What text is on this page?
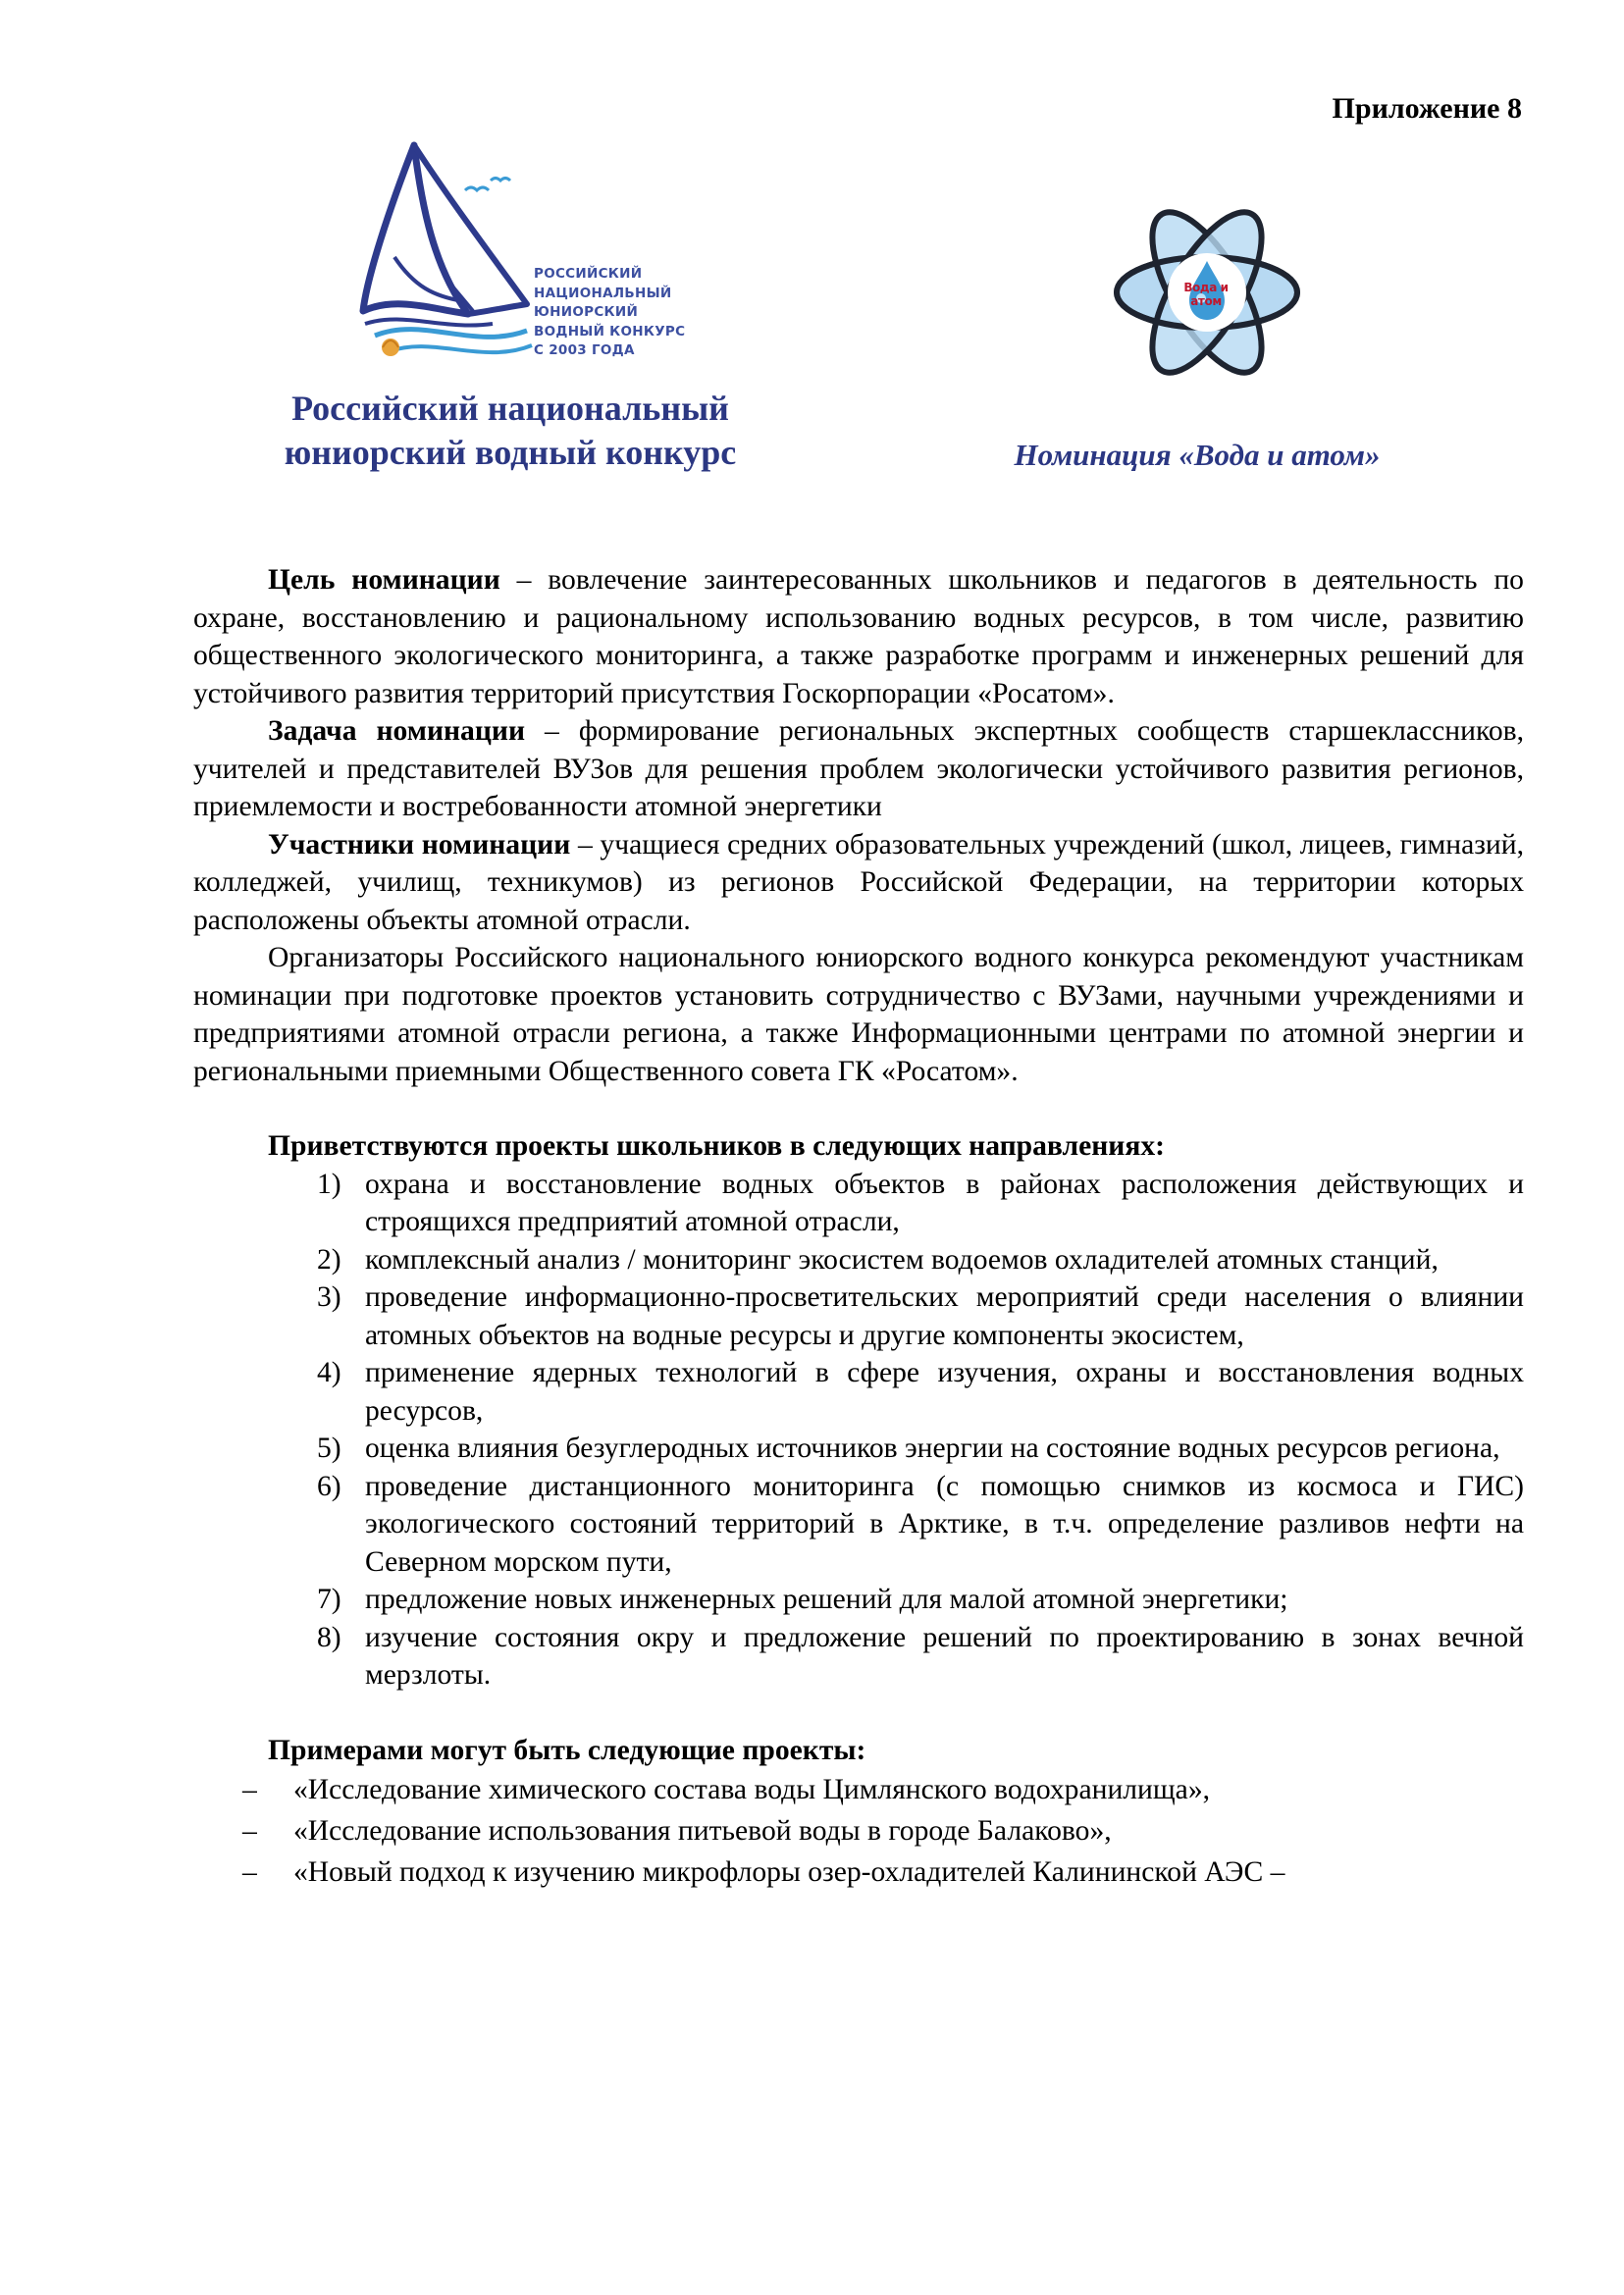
Приложение 8
РОССИЙСКИЙ
НАЦИОНАЛЬНЫЙ
ЮНИОРСКИЙ
ВОДНЫЙ КОНКУРС
С 2003 ГОДА
Вода и атом
Российский национальный
юниорский водный конкурс	Номинация «Вода и атом»

Цель номинации – вовлечение заинтересованных школьников и педагогов в деятельность по охране, восстановлению и рациональному использованию водных ресурсов, в том числе, развитию общественного экологического мониторинга, а также разработке программ и инженерных решений для устойчивого развития территорий присутствия Госкорпорации «Росатом».

Задача номинации – формирование региональных экспертных сообществ старшеклассников, учителей и представителей ВУЗов для решения проблем экологически устойчивого развития регионов, приемлемости и востребованности атомной энергетики

Участники номинации – учащиеся средних образовательных учреждений (школ, лицеев, гимназий, колледжей, училищ, техникумов) из регионов Российской Федерации, на территории которых расположены объекты атомной отрасли.

Организаторы Российского национального юниорского водного конкурса рекомендуют участникам номинации при подготовке проектов установить сотрудничество с ВУЗами, научными учреждениями и предприятиями атомной отрасли региона, а также Информационными центрами по атомной энергии и региональными приемными Общественного совета ГК «Росатом».

Приветствуются проекты школьников в следующих направлениях:
1) охрана и восстановление водных объектов в районах расположения действующих и строящихся предприятий атомной отрасли,
2) комплексный анализ / мониторинг экосистем водоемов охладителей атомных станций,
3) проведение информационно-просветительских мероприятий среди населения о влиянии атомных объектов на водные ресурсы и другие компоненты экосистем,
4) применение ядерных технологий в сфере изучения, охраны и восстановления водных ресурсов,
5) оценка влияния безуглеродных источников энергии на состояние водных ресурсов региона,
6) проведение дистанционного мониторинга (с помощью снимков из космоса и ГИС) экологического состояний территорий в Арктике, в т.ч. определение разливов нефти на Северном морском пути,
7) предложение новых инженерных решений для малой атомной энергетики;
8) изучение состояния окру и предложение решений по проектированию в зонах вечной мерзлоты.
Примерами могут быть следующие проекты:
– «Исследование химического состава воды Цимлянского водохранилища»,
– «Исследование использования питьевой воды в городе Балаково»,
– «Новый подход к изучению микрофлоры озер-охладителей Калининской АЭС –
